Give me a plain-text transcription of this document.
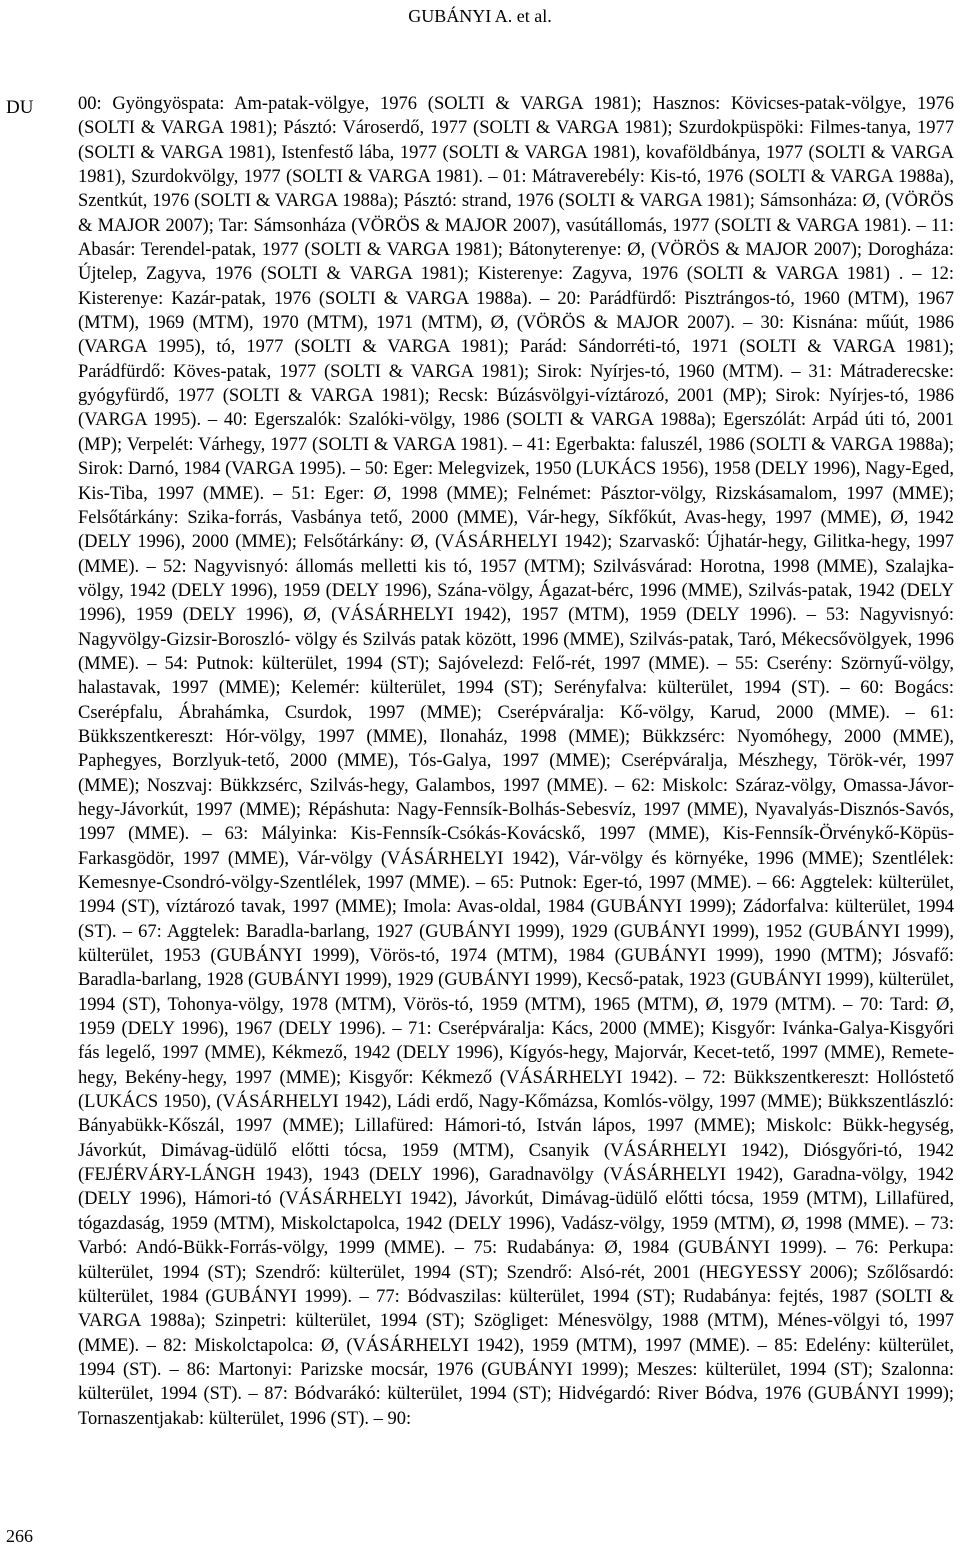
GUBÁNYI A. et al.
DU 00: Gyöngyöspata: Am-patak-völgye, 1976 (SOLTI & VARGA 1981); Hasznos: Kövicses-patak-völgye, 1976 (SOLTI & VARGA 1981); Pásztó: Városerdő, 1977 (SOLTI & VARGA 1981); Szurdokpüspöki: Filmes-tanya, 1977 (SOLTI & VARGA 1981), Istenfestő lába, 1977 (SOLTI & VARGA 1981), kovaföldbánya, 1977 (SOLTI & VARGA 1981), Szurdokvölgy, 1977 (SOLTI & VARGA 1981). – 01: Mátraverebély: Kis-tó, 1976 (SOLTI & VARGA 1988a), Szentkút, 1976 (SOLTI & VARGA 1988a); Pásztó: strand, 1976 (SOLTI & VARGA 1981); Sámsonháza: Ø, (VÖRÖS & MAJOR 2007); Tar: Sámsonháza (VÖRÖS & MAJOR 2007), vasútállomás, 1977 (SOLTI & VARGA 1981). – 11: Abasár: Terendel-patak, 1977 (SOLTI & VARGA 1981); Bátonyterenye: Ø, (VÖRÖS & MAJOR 2007); Dorogháza: Újtelep, Zagyva, 1976 (SOLTI & VARGA 1981); Kisterenye: Zagyva, 1976 (SOLTI & VARGA 1981) . – 12: Kisterenye: Kazár-patak, 1976 (SOLTI & VARGA 1988a). – 20: Parádfürdő: Pisztrángos-tó, 1960 (MTM), 1967 (MTM), 1969 (MTM), 1970 (MTM), 1971 (MTM), Ø, (VÖRÖS & MAJOR 2007). – 30: Kisnána: műút, 1986 (VARGA 1995), tó, 1977 (SOLTI & VARGA 1981); Parád: Sándorréti-tó, 1971 (SOLTI & VARGA 1981); Parádfürdő: Köves-patak, 1977 (SOLTI & VARGA 1981); Sirok: Nyírjes-tó, 1960 (MTM). – 31: Mátraderecske: gyógyfürdő, 1977 (SOLTI & VARGA 1981); Recsk: Búzásvölgyi-víztározó, 2001 (MP); Sirok: Nyírjes-tó, 1986 (VARGA 1995). – 40: Egerszalók: Szalóki-völgy, 1986 (SOLTI & VARGA 1988a); Egerszólát: Arpád úti tó, 2001 (MP); Verpelét: Várhegy, 1977 (SOLTI & VARGA 1981). – 41: Egerbakta: faluszél, 1986 (SOLTI & VARGA 1988a); Sirok: Darnó, 1984 (VARGA 1995). – 50: Eger: Melegvizek, 1950 (LUKÁCS 1956), 1958 (DELY 1996), Nagy-Eged, Kis-Tiba, 1997 (MME). – 51: Eger: Ø, 1998 (MME); Felnémet: Pásztor-völgy, Rizskásamalom, 1997 (MME); Felsőtárkány: Szika-forrás, Vasbánya tető, 2000 (MME), Vár-hegy, Síkfőkút, Avas-hegy, 1997 (MME), Ø, 1942 (DELY 1996), 2000 (MME); Felsőtárkány: Ø, (VÁSÁRHELYI 1942); Szarvaskő: Újhatár-hegy, Gilitka-hegy, 1997 (MME). – 52: Nagyvisnyó: állomás melletti kis tó, 1957 (MTM); Szilvásvárad: Horotna, 1998 (MME), Szalajka-völgy, 1942 (DELY 1996), 1959 (DELY 1996), Szána-völgy, Ágazat-bérc, 1996 (MME), Szilvás-patak, 1942 (DELY 1996), 1959 (DELY 1996), Ø, (VÁSÁRHELYI 1942), 1957 (MTM), 1959 (DELY 1996). – 53: Nagyvisnyó: Nagyvölgy-Gizsir-Boroszló- völgy és Szilvás patak között, 1996 (MME), Szilvás-patak, Taró, Mékecsővölgyek, 1996 (MME). – 54: Putnok: külterület, 1994 (ST); Sajóvelezd: Felő-rét, 1997 (MME). – 55: Cserény: Szörnyű-völgy, halastavak, 1997 (MME); Kelemér: külterület, 1994 (ST); Serényfalva: külterület, 1994 (ST). – 60: Bogács: Cserépfalu, Ábrahámka, Csurdok, 1997 (MME); Cserépváralja: Kő-völgy, Karud, 2000 (MME). – 61: Bükkszentkereszt: Hór-völgy, 1997 (MME), Ilonaház, 1998 (MME); Bükkzsérc: Nyomóhegy, 2000 (MME), Paphegyes, Borzlyuk-tető, 2000 (MME), Tós-Galya, 1997 (MME); Cserépváralja, Mészhegy, Török-vér, 1997 (MME); Noszvaj: Bükkzsérc, Szilvás-hegy, Galambos, 1997 (MME). – 62: Miskolc: Száraz-völgy, Omassa-Jávor-hegy-Jávorkút, 1997 (MME); Répáshuta: Nagy-Fennsík-Bolhás-Sebesvíz, 1997 (MME), Nyavalyás-Disznós-Savós, 1997 (MME). – 63: Mályinka: Kis-Fennsík-Csókás-Kovácskő, 1997 (MME), Kis-Fennsík-Örvénykő-Köpüs-Farkasgödör, 1997 (MME), Vár-völgy (VÁSÁRHELYI 1942), Vár-völgy és környéke, 1996 (MME); Szentlélek: Kemesnye-Csondró-völgy-Szentlélek, 1997 (MME). – 65: Putnok: Eger-tó, 1997 (MME). – 66: Aggtelek: külterület, 1994 (ST), víztározó tavak, 1997 (MME); Imola: Avas-oldal, 1984 (GUBÁNYI 1999); Zádorfalva: külterület, 1994 (ST). – 67: Aggtelek: Baradla-barlang, 1927 (GUBÁNYI 1999), 1929 (GUBÁNYI 1999), 1952 (GUBÁNYI 1999), külterület, 1953 (GUBÁNYI 1999), Vörös-tó, 1974 (MTM), 1984 (GUBÁNYI 1999), 1990 (MTM); Jósvafő: Baradla-barlang, 1928 (GUBÁNYI 1999), 1929 (GUBÁNYI 1999), Kecső-patak, 1923 (GUBÁNYI 1999), külterület, 1994 (ST), Tohonya-völgy, 1978 (MTM), Vörös-tó, 1959 (MTM), 1965 (MTM), Ø, 1979 (MTM). – 70: Tard: Ø, 1959 (DELY 1996), 1967 (DELY 1996). – 71: Cserépváralja: Kács, 2000 (MME); Kisgyőr: Ivánka-Galya-Kisgyőri fás legelő, 1997 (MME), Kékmező, 1942 (DELY 1996), Kígyós-hegy, Majorvár, Kecet-tető, 1997 (MME), Remete-hegy, Bekény-hegy, 1997 (MME); Kisgyőr: Kékmező (VÁSÁRHELYI 1942). – 72: Bükkszentkereszt: Hollóstető (LUKÁCS 1950), (VÁSÁRHELYI 1942), Ládi erdő, Nagy-Kőmázsa, Komlós-völgy, 1997 (MME); Bükkszentlászló: Bányabükk-Kőszál, 1997 (MME); Lillafüred: Hámori-tó, István lápos, 1997 (MME); Miskolc: Bükk-hegység, Jávorkút, Dimávag-üdülő előtti tócsa, 1959 (MTM), Csanyik (VÁSÁRHELYI 1942), Diósgyőri-tó, 1942 (FEJÉRVÁRY-LÁNGH 1943), 1943 (DELY 1996), Garadnavölgy (VÁSÁRHELYI 1942), Garadna-völgy, 1942 (DELY 1996), Hámori-tó (VÁSÁRHELYI 1942), Jávorkút, Dimávag-üdülő előtti tócsa, 1959 (MTM), Lillafüred, tógazdaság, 1959 (MTM), Miskolctapolca, 1942 (DELY 1996), Vadász-völgy, 1959 (MTM), Ø, 1998 (MME). – 73: Varbó: Andó-Bükk-Forrás-völgy, 1999 (MME). – 75: Rudabánya: Ø, 1984 (GUBÁNYI 1999). – 76: Perkupa: külterület, 1994 (ST); Szendrő: külterület, 1994 (ST); Szendrő: Alsó-rét, 2001 (HEGYESSY 2006); Szőlősardó: külterület, 1984 (GUBÁNYI 1999). – 77: Bódvaszilas: külterület, 1994 (ST); Rudabánya: fejtés, 1987 (SOLTI & VARGA 1988a); Szinpetri: külterület, 1994 (ST); Szögliget: Ménesvölgy, 1988 (MTM), Ménes-völgyi tó, 1997 (MME). – 82: Miskolctapolca: Ø, (VÁSÁRHELYI 1942), 1959 (MTM), 1997 (MME). – 85: Edelény: külterület, 1994 (ST). – 86: Martonyi: Parizske mocsár, 1976 (GUBÁNYI 1999); Meszes: külterület, 1994 (ST); Szalonna: külterület, 1994 (ST). – 87: Bódvarákó: külterület, 1994 (ST); Hidvégardó: River Bódva, 1976 (GUBÁNYI 1999); Tornaszentjakab: külterület, 1996 (ST). – 90:
266
